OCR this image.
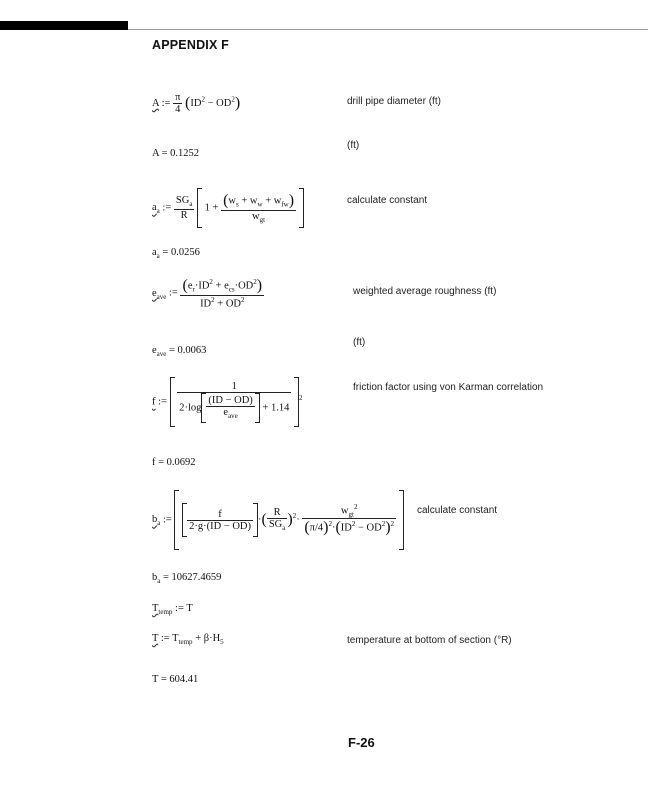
APPENDIX F
A := $\frac{\pi}{4} (ID^2 - OD^2)$	drill pipe diameter (ft)
A = 0.1252
(ft)
$a_a$ := $\frac{SG_a}{R} 1 + \frac{(w_s + w_w + w_{fw})}{w_{gt}}$
	calculate constant
$a_a = 0.0256$
$e_{ave}$ := $\frac{(e_r\cdot ID^2 + e_{cs}\cdot OD^2)}{ID^2 + OD^2}$	weighted average roughness (ft)
$e_{ave} = 0.0063$
(ft)
f := $\frac{1}{2\cdot\log \frac{(ID - OD)}{e_{ave}} + 1.14} ^2$
friction factor using von Karman correlation
f = 0.0692
$b_a$ := $\frac{f}{2\cdot g\cdot(ID - OD)}$ ·( $\frac{R}{SG_a} )^2\cdot \frac{w_{gt}^2}{(\pi/4)^2\cdot(ID^2 - OD^2)^2}$
calculate constant
$b_a = 10627.4659$
$T_{temp}$ := T
T := $T_{temp} + \beta\cdot H_5$	temperature at bottom of section (°R)
T = 604.41
F-26
